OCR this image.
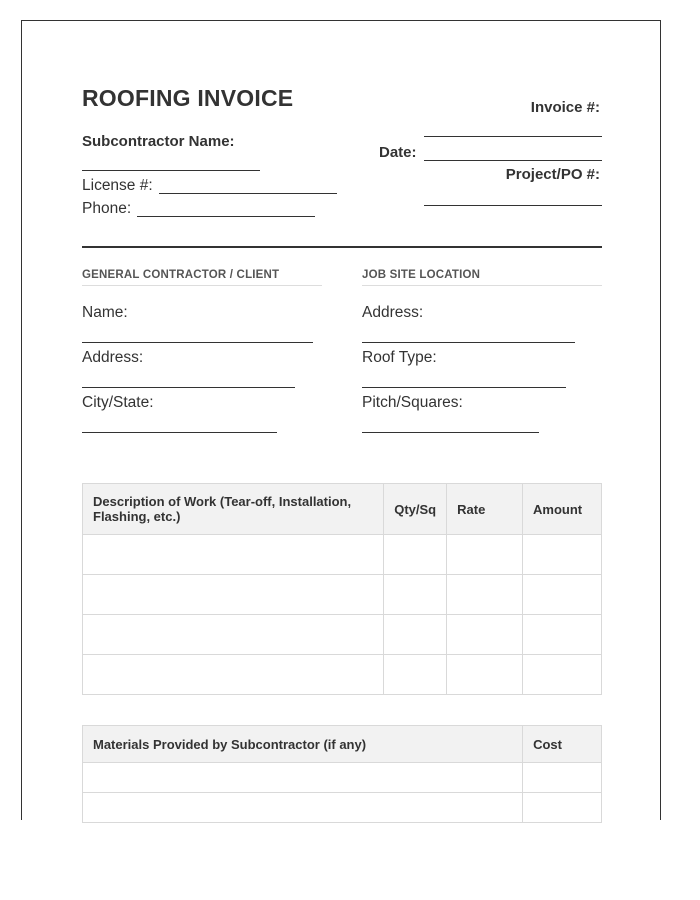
ROOFING INVOICE
Subcontractor Name:
License #:
Phone:
Invoice #:
Date:
Project/PO #:
GENERAL CONTRACTOR / CLIENT
Name:
Address:
City/State:
JOB SITE LOCATION
Address:
Roof Type:
Pitch/Squares:
Description of Work (Tear-off, Installation, Flashing, etc.)	Qty/Sq	Rate	Amount

Materials Provided by Subcontractor (if any)	Cost
